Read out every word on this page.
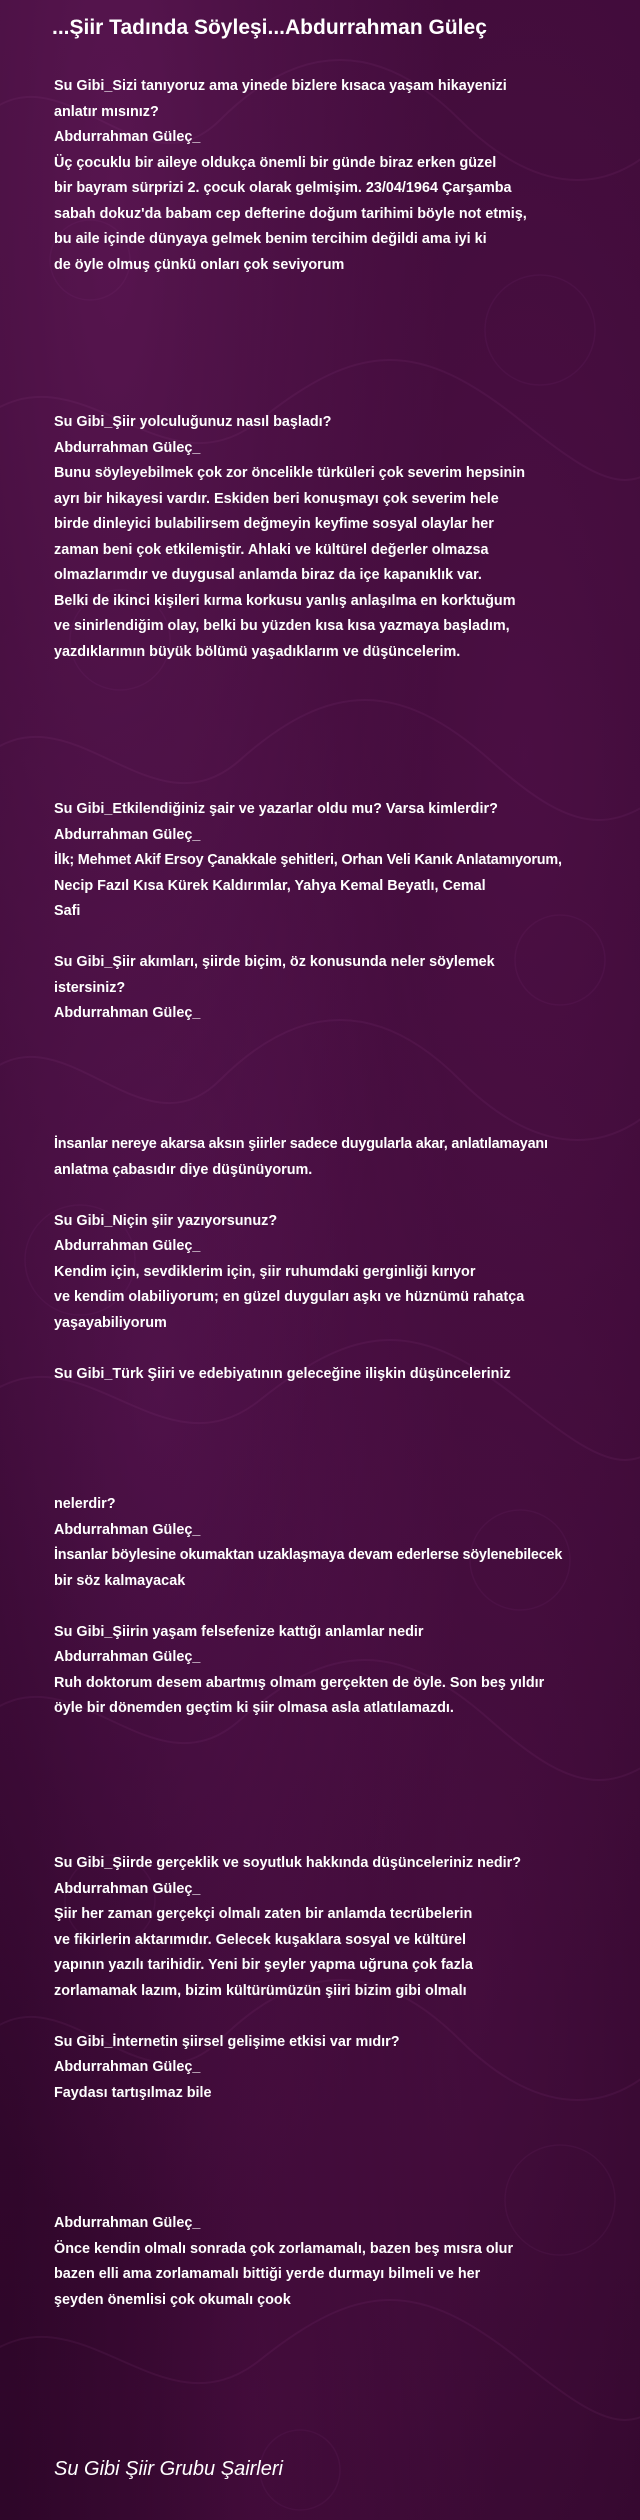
...Şiir Tadında Söyleşi...Abdurrahman Güleç
Su Gibi_Sizi tanıyoruz ama yinede bizlere kısaca yaşam hikayenizi
anlatır mısınız?
Abdurrahman Güleç_
Üç çocuklu bir aileye oldukça önemli bir günde biraz erken güzel
bir bayram sürprizi 2. çocuk olarak gelmişim. 23/04/1964 Çarşamba
sabah dokuz'da babam cep defterine doğum tarihimi böyle not etmiş,
bu aile içinde dünyaya gelmek benim tercihim değildi ama iyi ki
de öyle olmuş çünkü onları çok seviyorum
Su Gibi_Şiir yolculuğunuz nasıl başladı?
Abdurrahman Güleç_
Bunu söyleyebilmek çok zor öncelikle türküleri çok severim hepsinin
ayrı bir hikayesi vardır. Eskiden beri konuşmayı çok severim hele
birde dinleyici bulabilirsem değmeyin keyfime sosyal olaylar her
zaman beni çok etkilemiştir. Ahlaki ve kültürel değerler olmazsa
olmazlarımdır ve duygusal anlamda biraz da içe kapanıklık var.
Belki de ikinci kişileri kırma korkusu yanlış anlaşılma en korktuğum
ve sinirlendiğim olay, belki bu yüzden kısa kısa yazmaya başladım,
yazdıklarımın büyük bölümü yaşadıklarım ve düşüncelerim.
Su Gibi_Etkilendiğiniz şair ve yazarlar oldu mu? Varsa kimlerdir?
Abdurrahman Güleç_
İlk; Mehmet Akif Ersoy Çanakkale şehitleri, Orhan Veli Kanık Anlatamıyorum,
Necip Fazıl Kısa Kürek Kaldırımlar, Yahya Kemal Beyatlı, Cemal
Safi

Su Gibi_Şiir akımları, şiirde biçim, öz konusunda neler söylemek
istersiniz?
Abdurrahman Güleç_
İnsanlar nereye akarsa aksın şiirler sadece duygularla akar, anlatılamayanı
anlatma çabasıdır diye düşünüyorum.

Su Gibi_Niçin şiir yazıyorsunuz?
Abdurrahman Güleç_
Kendim için, sevdiklerim için, şiir ruhumdaki gerginliği kırıyor
ve kendim olabiliyorum; en güzel duyguları aşkı ve hüznümü rahatça
yaşayabiliyorum

Su Gibi_Türk Şiiri ve edebiyatının geleceğine ilişkin düşünceleriniz
nelerdir?
Abdurrahman Güleç_
İnsanlar böylesine okumaktan uzaklaşmaya devam ederlerse söylenebilecek
bir söz kalmayacak

Su Gibi_Şiirin yaşam felsefenize kattığı anlamlar nedir
Abdurrahman Güleç_
Ruh doktorum desem abartmış olmam gerçekten de öyle. Son beş yıldır
öyle bir dönemden geçtim ki şiir olmasa asla atlatılamazdı.
Su Gibi_Şiirde gerçeklik ve soyutluk hakkında düşünceleriniz nedir?
Abdurrahman Güleç_
Şiir her zaman gerçekçi olmalı zaten bir anlamda tecrübelerin
ve fikirlerin aktarımıdır. Gelecek kuşaklara sosyal ve kültürel
yapının yazılı tarihidir. Yeni bir şeyler yapma uğruna çok fazla
zorlamamak lazım, bizim kültürümüzün şiiri bizim gibi olmalı

Su Gibi_İnternetin şiirsel gelişime etkisi var mıdır?
Abdurrahman Güleç_
Faydası tartışılmaz bile
Abdurrahman Güleç_
Önce kendin olmalı sonrada çok zorlamamalı, bazen beş mısra olur
bazen elli ama zorlamamalı bittiği yerde durmayı bilmeli ve her
şeyden önemlisi çok okumalı çook
Su Gibi Şiir Grubu Şairleri
